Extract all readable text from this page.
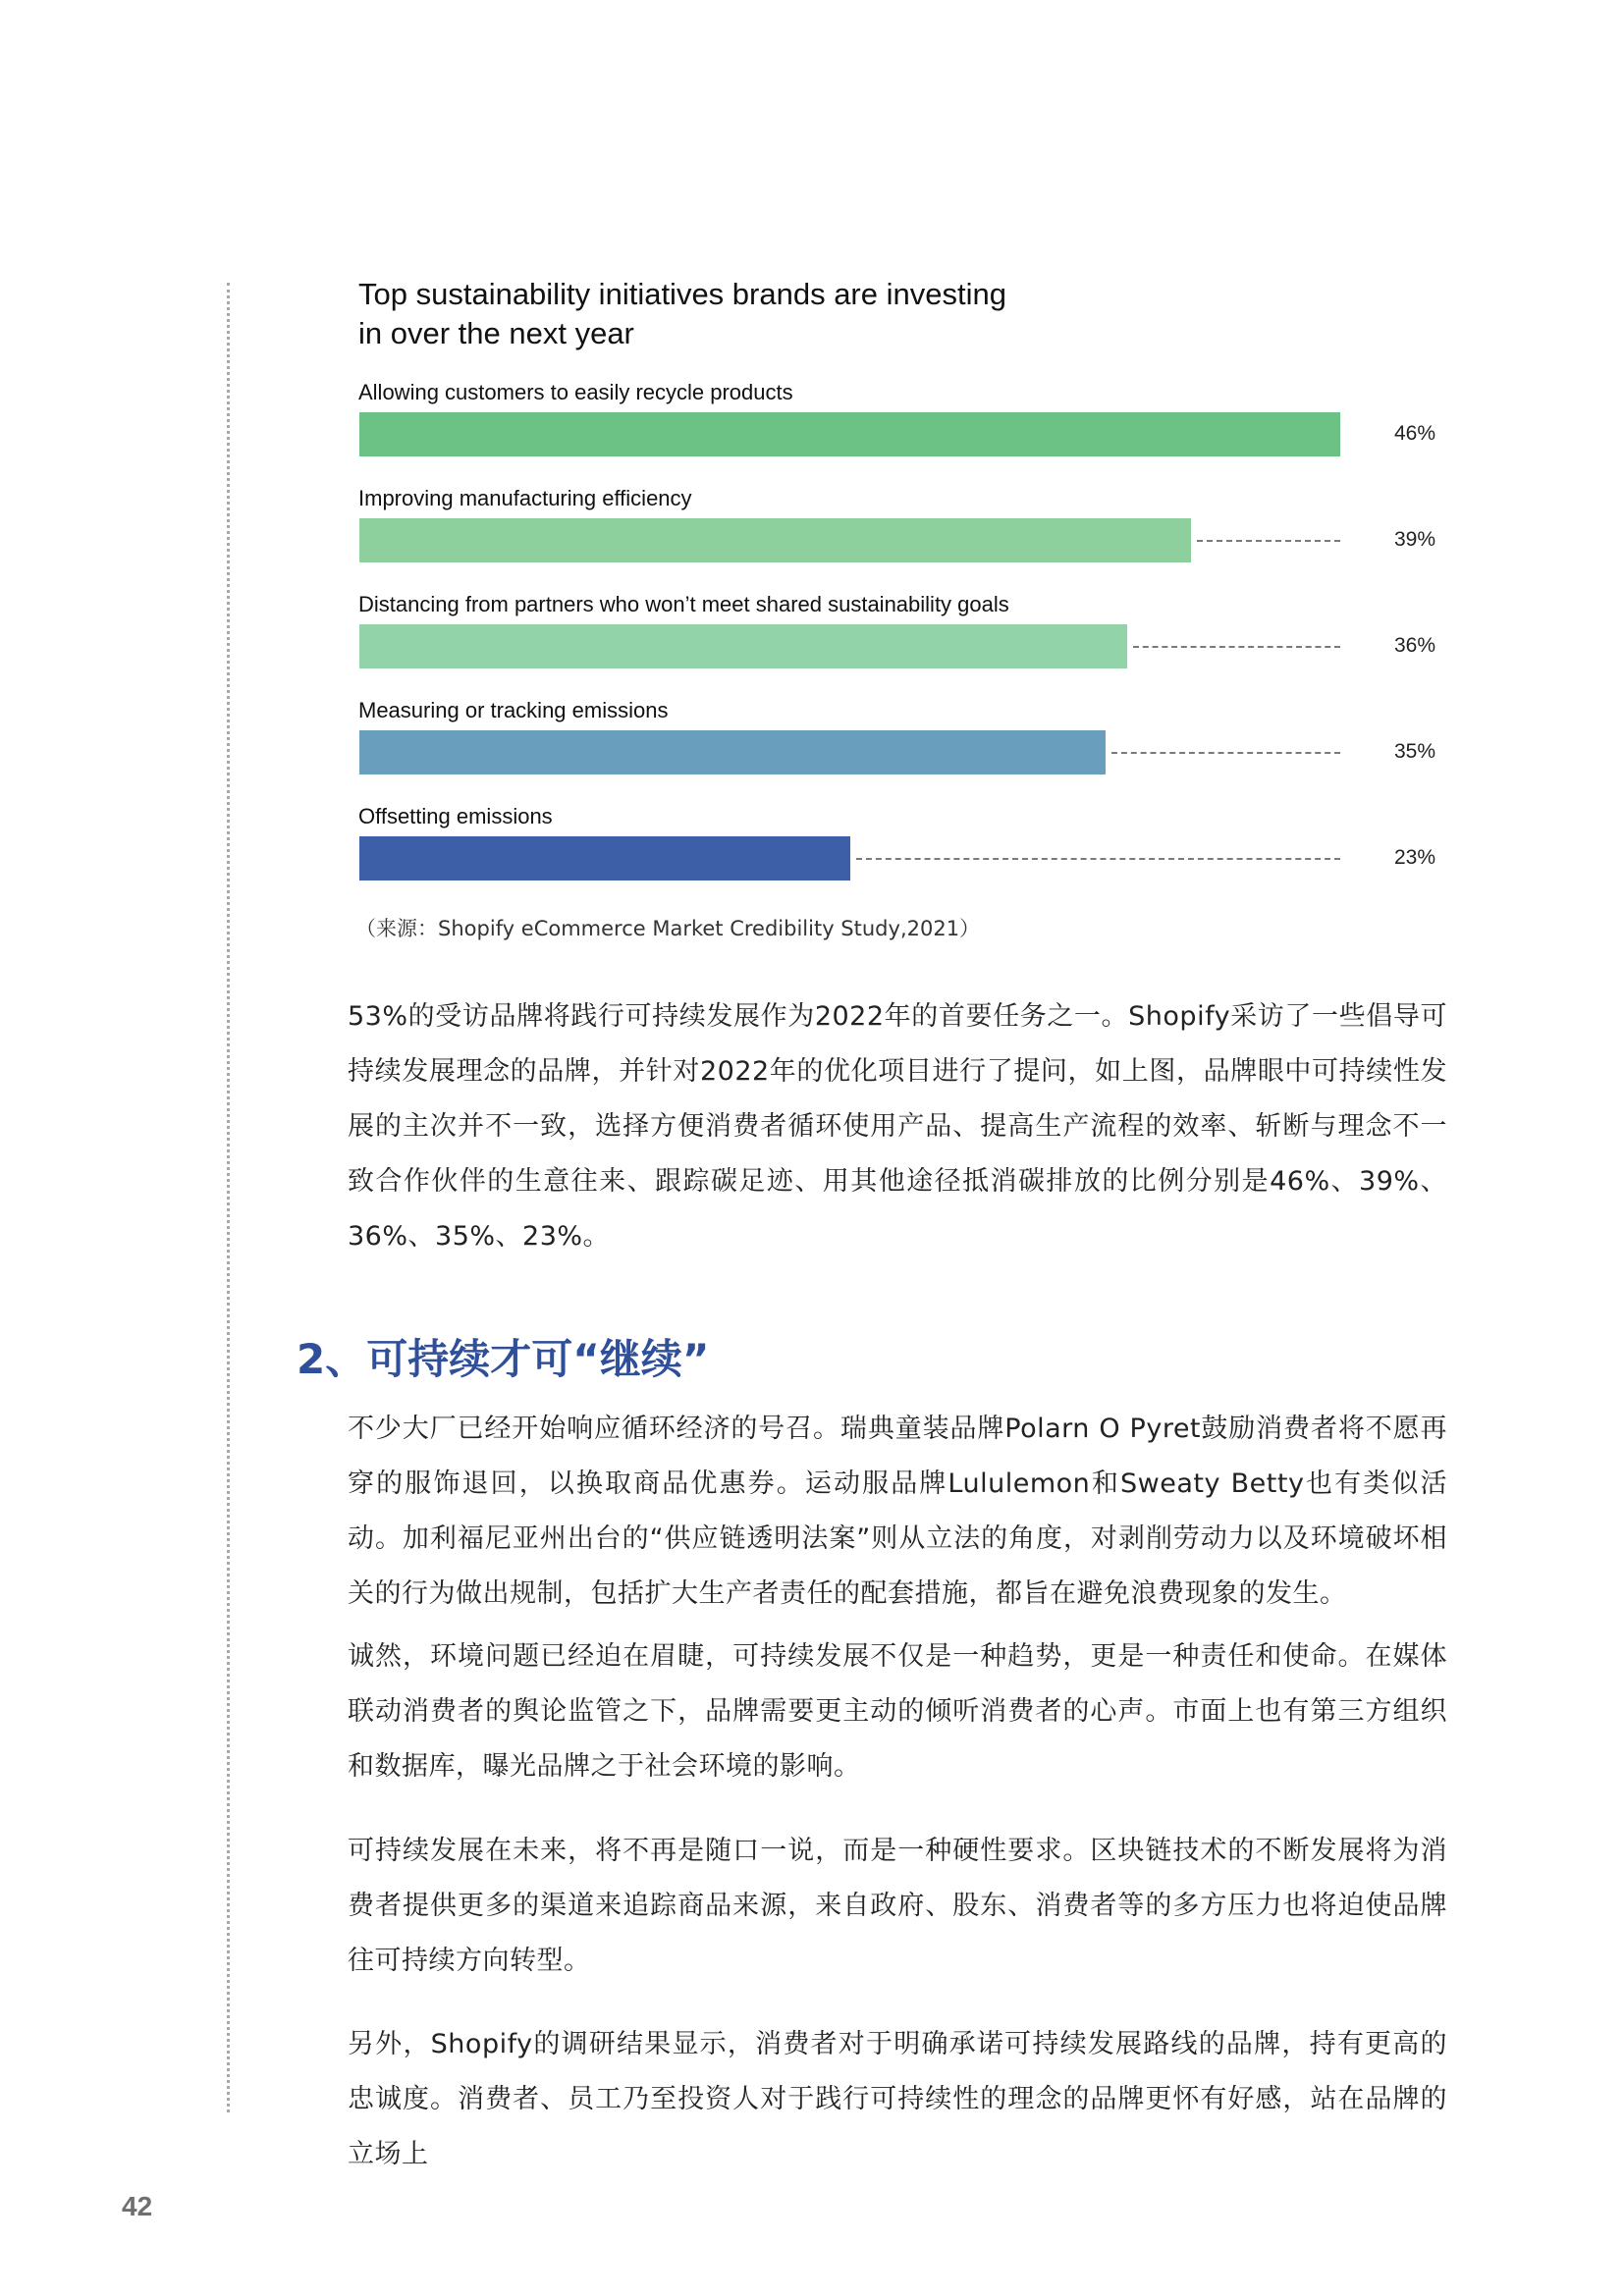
Top sustainability initiatives brands are investing
in over the next year
Allowing customers to easily recycle products
46%
Improving manufacturing efficiency
39%
Distancing from partners who won’t meet shared sustainability goals
36%
Measuring or tracking emissions
35%
Offsetting emissions
23%
（来源：Shopify eCommerce Market Credibility Study,2021）

53%的受访品牌将践行可持续发展作为2022年的首要任务之一。Shopify采访了一些倡导可持续发展理念的品牌，并针对2022年的优化项目进行了提问，如上图，品牌眼中可持续性发展的主次并不一致，选择方便消费者循环使用产品、提高生产流程的效率、斩断与理念不一致合作伙伴的生意往来、跟踪碳足迹、用其他途径抵消碳排放的比例分别是46%、39%、36%、35%、23%。

2、可持续才可“继续”

不少大厂已经开始响应循环经济的号召。瑞典童装品牌Polarn O Pyret鼓励消费者将不愿再穿的服饰退回，以换取商品优惠券。运动服品牌Lululemon和Sweaty Betty也有类似活动。加利福尼亚州出台的“供应链透明法案”则从立法的角度，对剥削劳动力以及环境破坏相关的行为做出规制，包括扩大生产者责任的配套措施，都旨在避免浪费现象的发生。

诚然，环境问题已经迫在眉睫，可持续发展不仅是一种趋势，更是一种责任和使命。在媒体联动消费者的舆论监管之下，品牌需要更主动的倾听消费者的心声。市面上也有第三方组织和数据库，曝光品牌之于社会环境的影响。

可持续发展在未来，将不再是随口一说，而是一种硬性要求。区块链技术的不断发展将为消费者提供更多的渠道来追踪商品来源，来自政府、股东、消费者等的多方压力也将迫使品牌往可持续方向转型。

另外，Shopify的调研结果显示，消费者对于明确承诺可持续发展路线的品牌，持有更高的忠诚度。消费者、员工乃至投资人对于践行可持续性的理念的品牌更怀有好感，站在品牌的立场上

42
